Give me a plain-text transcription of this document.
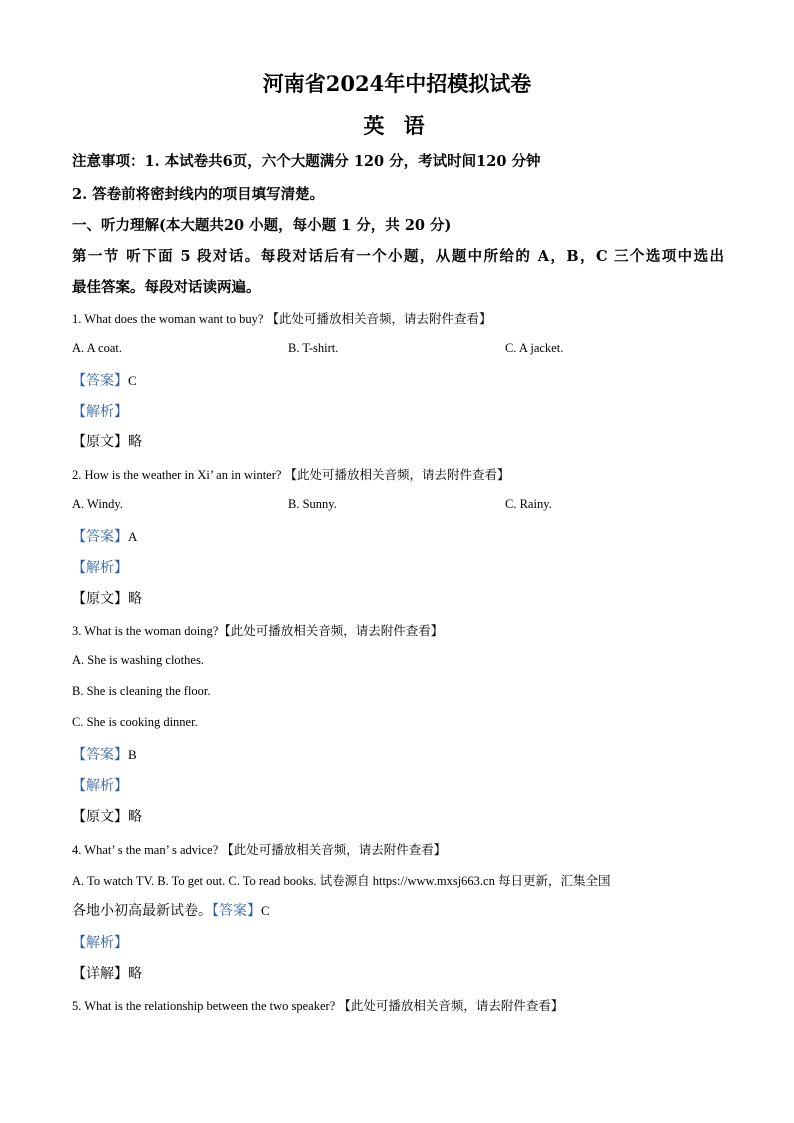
河南省2024年中招模拟试卷
英 语
注意事项：1. 本试卷共6页，六个大题满分 120 分，考试时间120 分钟
2. 答卷前将密封线内的项目填写清楚。
一、听力理解(本大题共20 小题，每小题 1 分，共 20 分)
第一节 听下面 5 段对话。每段对话后有一个小题，从题中所给的 A，B，C 三个选项中选出
最佳答案。每段对话读两遍。
1. What does the woman want to buy? 【此处可播放相关音频，请去附件查看】
A. A coat.	B. T-shirt.	C. A jacket.
【答案】C
【解析】
【原文】略
2. How is the weather in Xi’ an in winter? 【此处可播放相关音频，请去附件查看】
A. Windy.	B. Sunny.	C. Rainy.
【答案】A
【解析】
【原文】略
3. What is the woman doing?【此处可播放相关音频，请去附件查看】
A. She is washing clothes.
B. She is cleaning the floor.
C. She is cooking dinner.
【答案】B
【解析】
【原文】略
4. What’ s the man’ s advice? 【此处可播放相关音频，请去附件查看】
A. To watch TV. B. To get out. C. To read books. 试卷源自 https://www.mxsj663.cn 每日更新，汇集全国
各地小初高最新试卷。【答案】C
【解析】
【详解】略
5. What is the relationship between the two speaker? 【此处可播放相关音频，请去附件查看】
